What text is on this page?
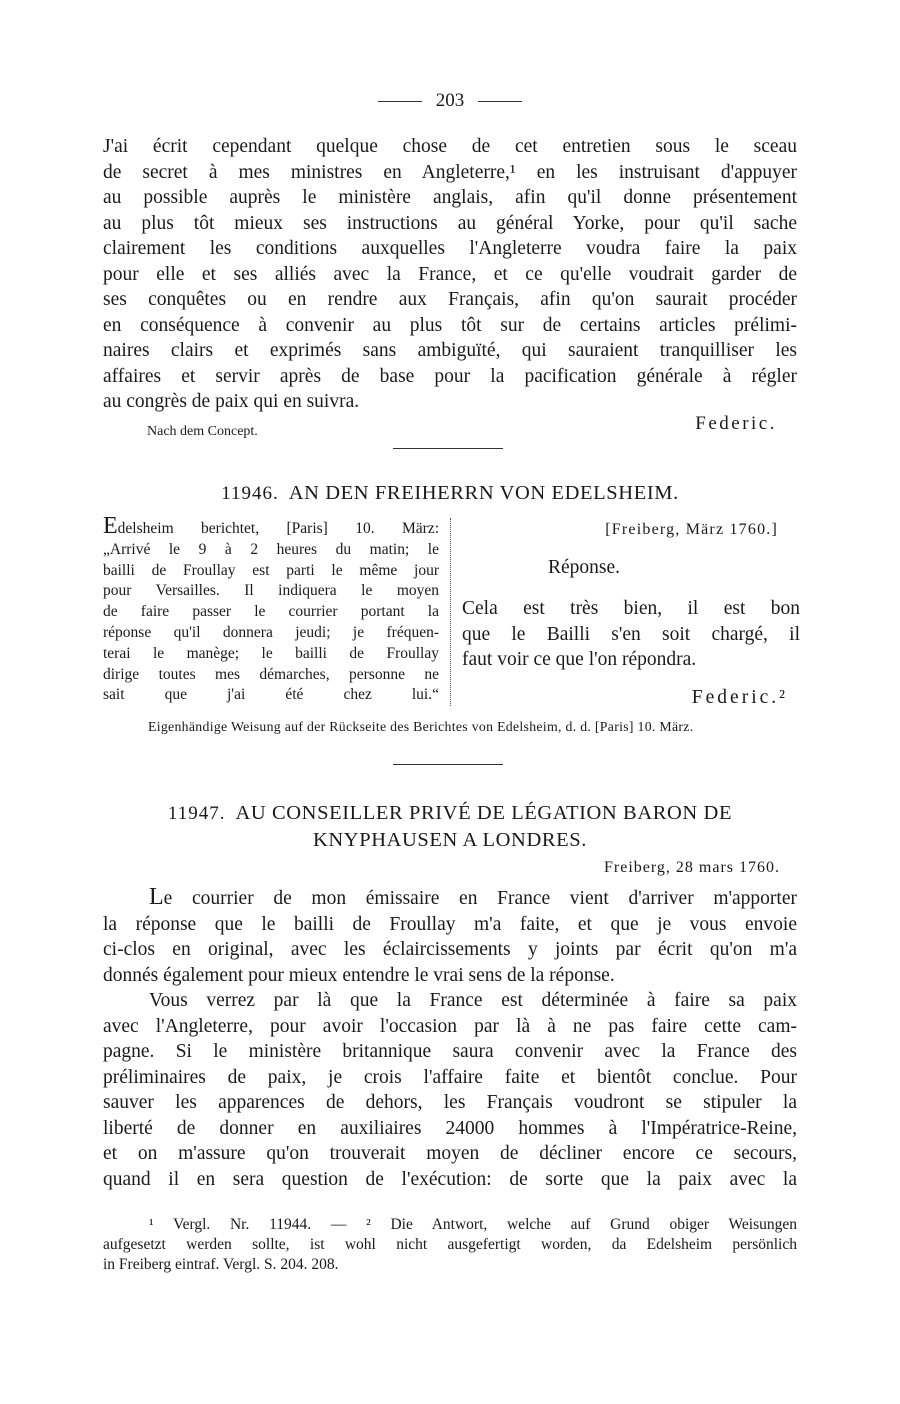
203
J'ai écrit cependant quelque chose de cet entretien sous le sceau
de secret à mes ministres en Angleterre,¹ en les instruisant d'appuyer
au possible auprès le ministère anglais, afin qu'il donne présentement
au plus tôt mieux ses instructions au général Yorke, pour qu'il sache
clairement les conditions auxquelles l'Angleterre voudra faire la paix
pour elle et ses alliés avec la France, et ce qu'elle voudrait garder de
ses conquêtes ou en rendre aux Français, afin qu'on saurait procéder
en conséquence à convenir au plus tôt sur de certains articles prélimi-
naires clairs et exprimés sans ambiguïté, qui sauraient tranquilliser les
affaires et servir après de base pour la pacification générale à régler
au congrès de paix qui en suivra.
Nach dem Concept.	Federic.
11946. AN DEN FREIHERRN VON EDELSHEIM.
Edelsheim berichtet, [Paris] 10. März:
„Arrivé le 9 à 2 heures du matin; le
bailli de Froullay est parti le même jour
pour Versailles. Il indiquera le moyen
de faire passer le courrier portant la
réponse qu'il donnera jeudi; je fréquen-
terai le manège; le bailli de Froullay
dirige toutes mes démarches, personne ne
sait que j'ai été chez lui.“
[Freiberg, März 1760.]
Réponse.
Cela est très bien, il est bon
que le Bailli s'en soit chargé, il
faut voir ce que l'on répondra.
Federic.²
Eigenhändige Weisung auf der Rückseite des Berichtes von Edelsheim, d. d. [Paris] 10. März.
11947. AU CONSEILLER PRIVÉ DE LÉGATION BARON DE
KNYPHAUSEN A LONDRES.
Freiberg, 28 mars 1760.
Le courrier de mon émissaire en France vient d'arriver m'apporter
la réponse que le bailli de Froullay m'a faite, et que je vous envoie
ci-clos en original, avec les éclaircissements y joints par écrit qu'on m'a
donnés également pour mieux entendre le vrai sens de la réponse.
Vous verrez par là que la France est déterminée à faire sa paix
avec l'Angleterre, pour avoir l'occasion par là à ne pas faire cette cam-
pagne. Si le ministère britannique saura convenir avec la France des
préliminaires de paix, je crois l'affaire faite et bientôt conclue. Pour
sauver les apparences de dehors, les Français voudront se stipuler la
liberté de donner en auxiliaires 24000 hommes à l'Impératrice-Reine,
et on m'assure qu'on trouverait moyen de décliner encore ce secours,
quand il en sera question de l'exécution: de sorte que la paix avec la
¹ Vergl. Nr. 11944. — ² Die Antwort, welche auf Grund obiger Weisungen
aufgesetzt werden sollte, ist wohl nicht ausgefertigt worden, da Edelsheim persönlich
in Freiberg eintraf. Vergl. S. 204. 208.
